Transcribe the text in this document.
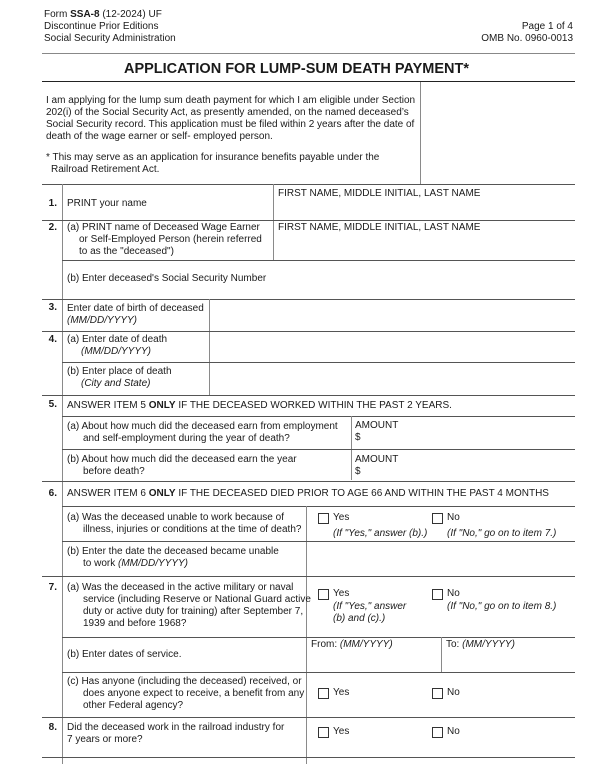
Form SSA-8 (12-2024) UF
Discontinue Prior Editions
Social Security Administration
Page 1 of 4
OMB No. 0960-0013
APPLICATION FOR LUMP-SUM DEATH PAYMENT*
I am applying for the lump sum death payment for which I am eligible under Section
202(i) of the Social Security Act, as presently amended, on the named deceased’s
Social Security record. This application must be filed within 2 years after the date of
death of the wage earner or self- employed person.
* This may serve as an application for insurance benefits payable under the
Railroad Retirement Act.
1. PRINT your name
FIRST NAME, MIDDLE INITIAL, LAST NAME
2. (a) PRINT name of Deceased Wage Earner
or Self-Employed Person (herein referred
to as the "deceased")
FIRST NAME, MIDDLE INITIAL, LAST NAME
(b) Enter deceased's Social Security Number
3. Enter date of birth of deceased
(MM/DD/YYYY)
4. (a) Enter date of death
(MM/DD/YYYY)
(b) Enter place of death
(City and State)
5. ANSWER ITEM 5 ONLY IF THE DECEASED WORKED WITHIN THE PAST 2 YEARS.
(a) About how much did the deceased earn from employment
and self-employment during the year of death?
AMOUNT
$
(b) About how much did the deceased earn the year
before death?
AMOUNT
$
6. ANSWER ITEM 6 ONLY IF THE DECEASED DIED PRIOR TO AGE 66 AND WITHIN THE PAST 4 MONTHS
(a) Was the deceased unable to work because of
illness, injuries or conditions at the time of death?
Yes	No
(If "Yes," answer (b).) (If "No," go on to item 7.)
(b) Enter the date the deceased became unable
to work (MM/DD/YYYY)
7. (a) Was the deceased in the active military or naval
service (including Reserve or National Guard active
duty or active duty for training) after September 7,
1939 and before 1968?
Yes	No
(If "Yes," answer
(b) and (c).)
(If "No," go on to item 8.)
(b) Enter dates of service.
From: (MM/YYYY)	To: (MM/YYYY)
(c) Has anyone (including the deceased) received, or
does anyone expect to receive, a benefit from any
other Federal agency?
Yes	No
8. Did the deceased work in the railroad industry for
7 years or more?
Yes	No
